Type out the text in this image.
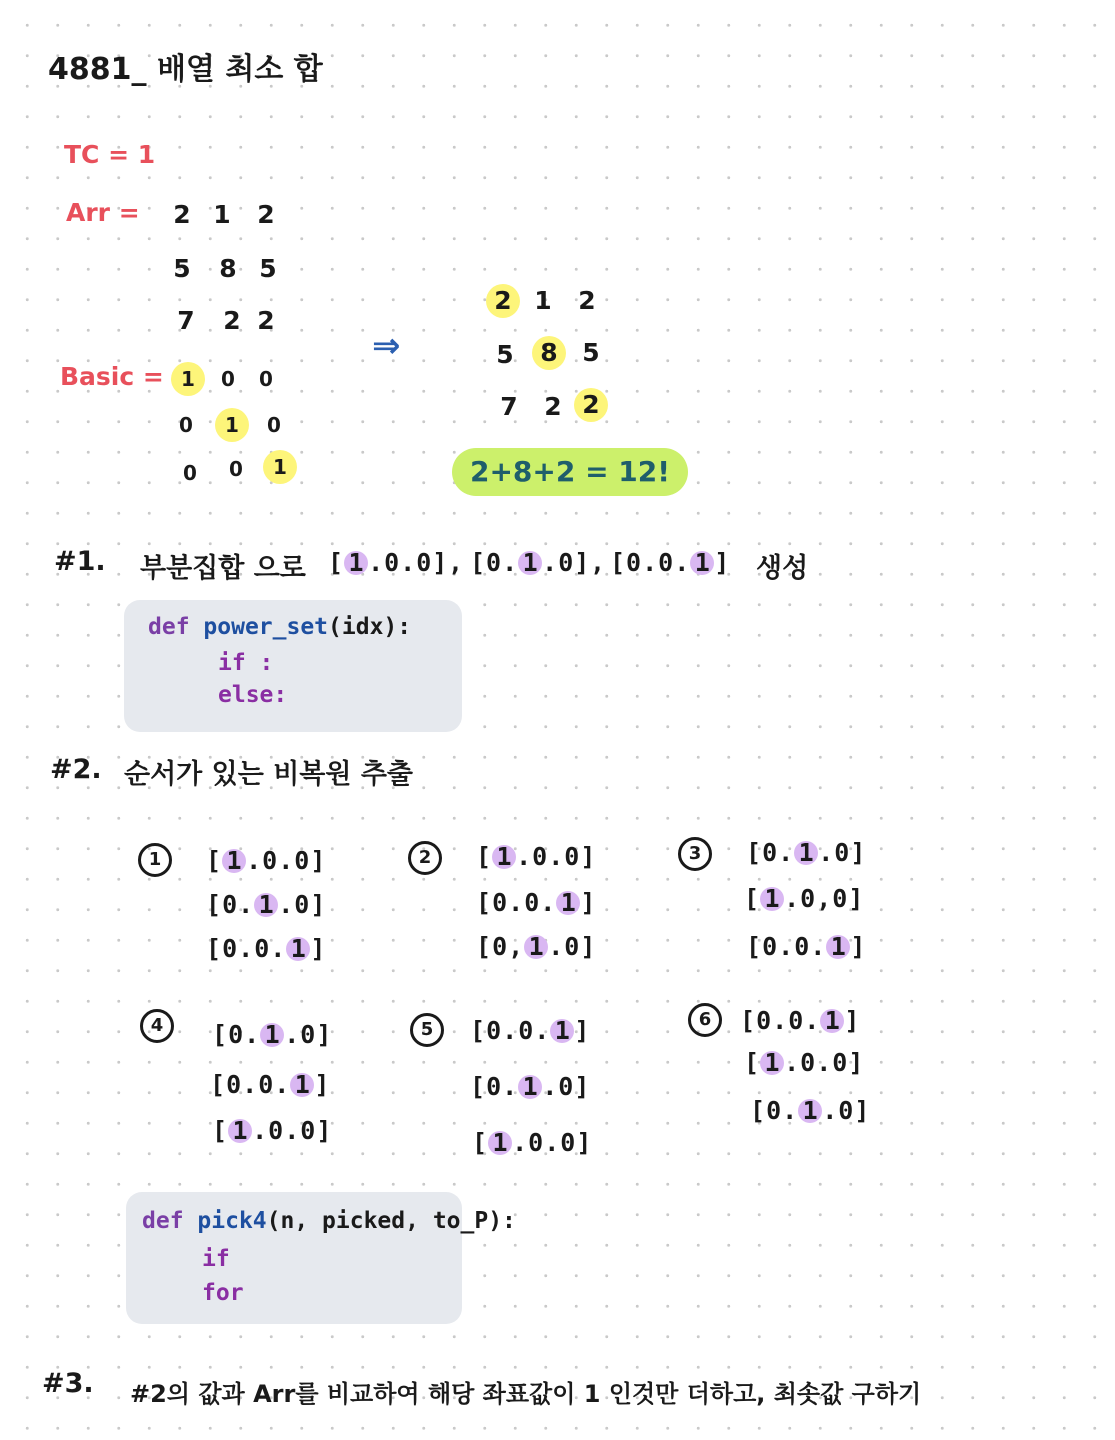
4881_ 배열 최소 합
TC = 1
Arr =
Basic =
2 1	2
5	8 5
7	2 2
1	0	0
0	1	0
0	0	1
⇒
2 1	2
5	8 5
7	2 2
2+8+2 = 12!
#1. 부분집합 으로 [ 1 .0.0] , [0. 1 .0] , [0.0. 1 ] 생성
def power_set(idx):
if :
else:
#2. 순서가 있는 비복원 추출
1	[ 1 .0.0]
[0. 1 .0]
[0.0. 1 ]
2	[ 1 .0.0]
[0.0. 1 ]
[0, 1 .0]
3	[0. 1 .0]
[ 1 .0,0]
[0.0. 1 ]
4	[0. 1 .0]
[0.0. 1 ]
[ 1 .0.0]
5	[0.0. 1 ]
[0. 1 .0]
[ 1 .0.0]
6	[0.0. 1 ]
[ 1 .0.0]
[0. 1 .0]
def pick4(n, picked, to_P):
if
for
#3. #2의 값과 Arr를 비교하여 해당 좌표값이 1 인것만 더하고, 최솟값 구하기
